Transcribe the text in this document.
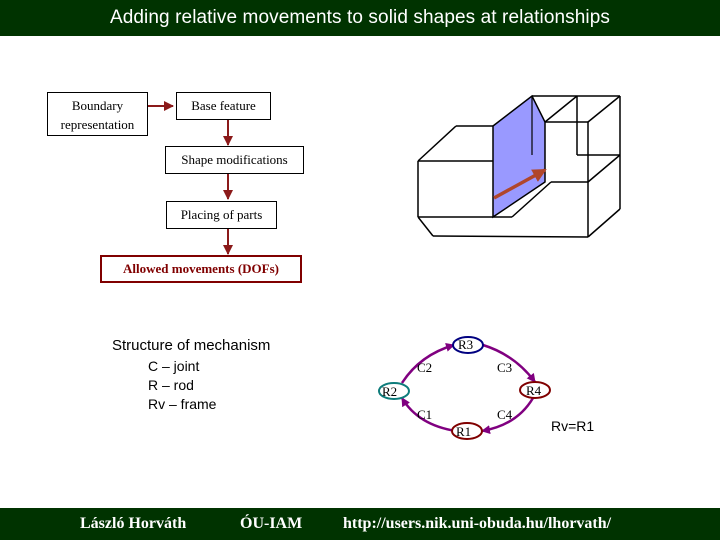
Adding relative movements to solid shapes at relationships
R3
R2	R4
R1
C2	C3
C1	C4
Boundary
representation
Base feature
Shape modifications
Placing of parts
Allowed movements (DOFs)
Structure of mechanism
C – joint
R – rod
Rv – frame
Rv=R1
László Horváth	ÓU-IAM	http://users.nik.uni-obuda.hu/lhorvath/
